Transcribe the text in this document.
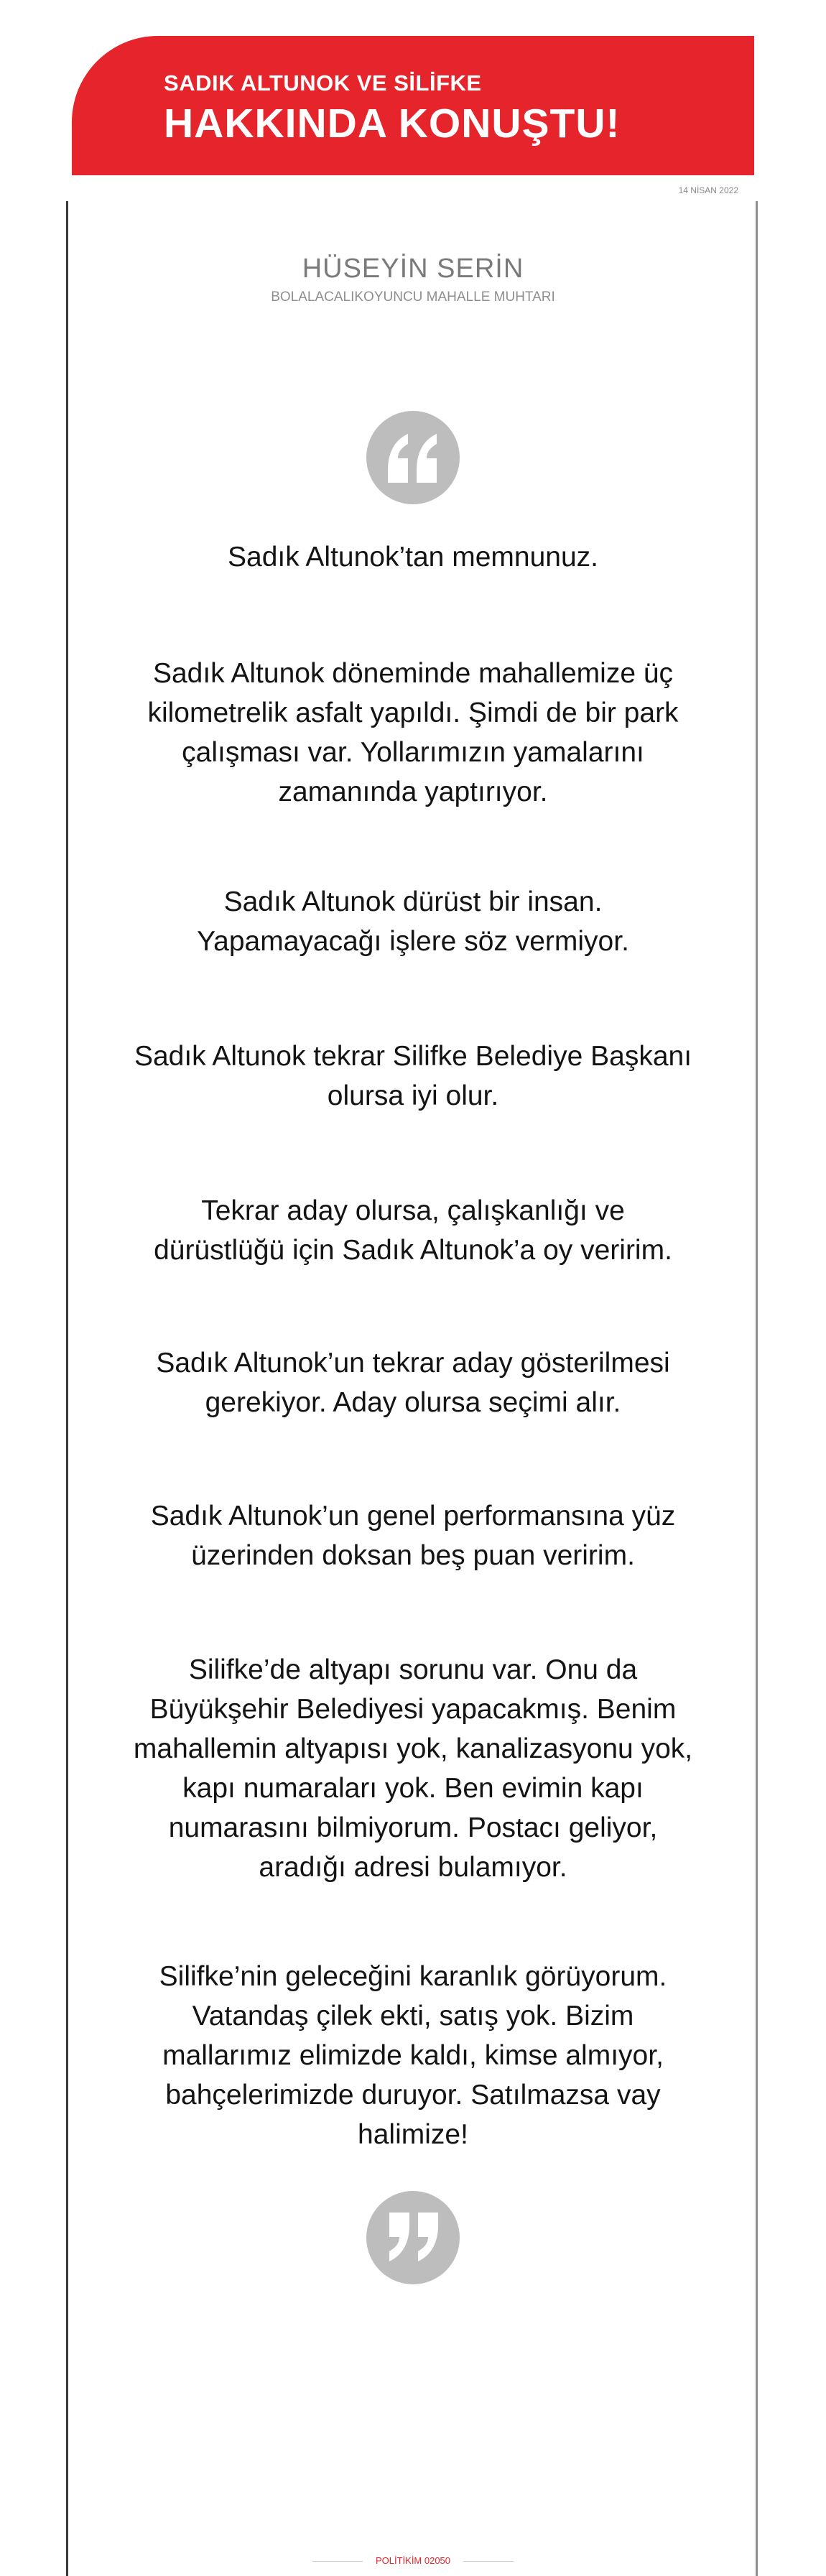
SADIK ALTUNOK VE SİLİFKE
HAKKINDA KONUŞTU!
14 NİSAN 2022
HÜSEYİN SERİN
BOLALACALIKOYUNCU MAHALLE MUHTARI

Sadık Altunok’tan memnunuz.

Sadık Altunok döneminde mahallemize üç kilometrelik asfalt yapıldı. Şimdi de bir park çalışması var. Yollarımızın yamalarını zamanında yaptırıyor.

Sadık Altunok dürüst bir insan. Yapamayacağı işlere söz vermiyor.

Sadık Altunok tekrar Silifke Belediye Başkanı olursa iyi olur.

Tekrar aday olursa, çalışkanlığı ve dürüstlüğü için Sadık Altunok’a oy veririm.

Sadık Altunok’un tekrar aday gösterilmesi gerekiyor. Aday olursa seçimi alır.

Sadık Altunok’un genel performansına yüz üzerinden doksan beş puan veririm.

Silifke’de altyapı sorunu var. Onu da Büyükşehir Belediyesi yapacakmış. Benim mahallemin altyapısı yok, kanalizasyonu yok, kapı numaraları yok. Ben evimin kapı numarasını bilmiyorum. Postacı geliyor, aradığı adresi bulamıyor.

Silifke’nin geleceğini karanlık görüyorum. Vatandaş çilek ekti, satış yok. Bizim mallarımız elimizde kaldı, kimse almıyor, bahçelerimizde duruyor. Satılmazsa vay halimize!

POLİTİKİM 02050
